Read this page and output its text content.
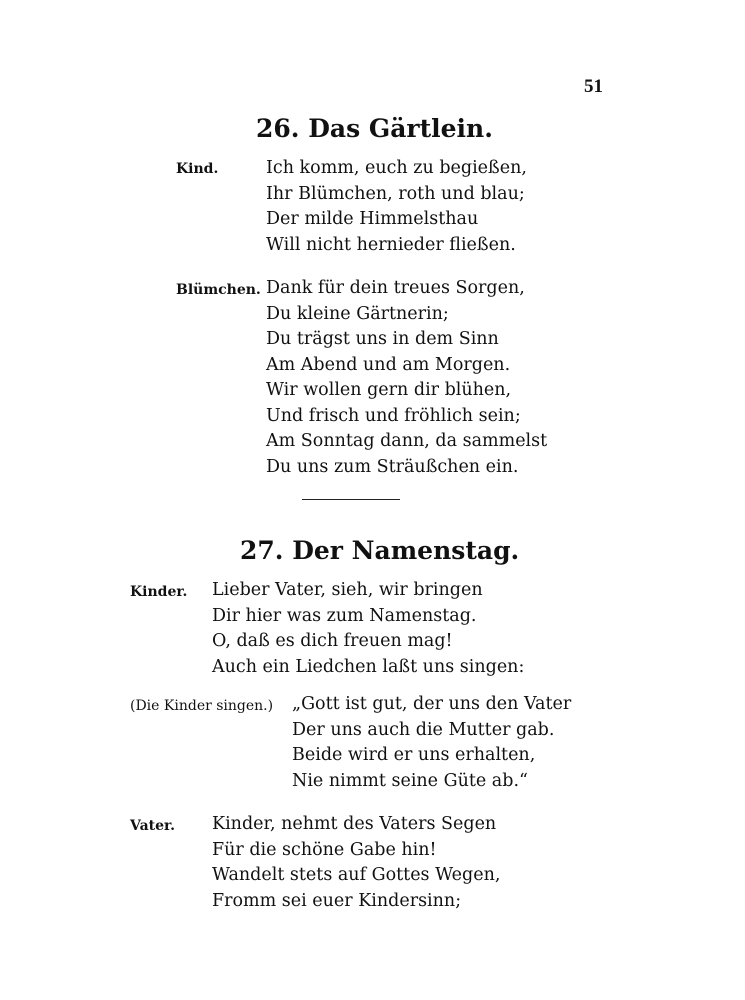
51
26. Das Gärtlein.
Kind.	Ich komm, euch zu begießen,
Ihr Blümchen, roth und blau;
Der milde Himmelsthau
Will nicht hernieder fließen.
Blümchen. Dank für dein treues Sorgen,
Du kleine Gärtnerin;
Du trägst uns in dem Sinn
Am Abend und am Morgen.
Wir wollen gern dir blühen,
Und frisch und fröhlich sein;
Am Sonntag dann, da sammelst
Du uns zum Sträußchen ein.
27. Der Namenstag.
Kinder. Lieber Vater, sieh, wir bringen
Dir hier was zum Namenstag.
O, daß es dich freuen mag!
Auch ein Liedchen laßt uns singen:
(Die Kinder singen.) „Gott ist gut, der uns den Vater
Der uns auch die Mutter gab.
Beide wird er uns erhalten,
Nie nimmt seine Güte ab.“
Vater. Kinder, nehmt des Vaters Segen
Für die schöne Gabe hin!
Wandelt stets auf Gottes Wegen,
Fromm sei euer Kindersinn;
